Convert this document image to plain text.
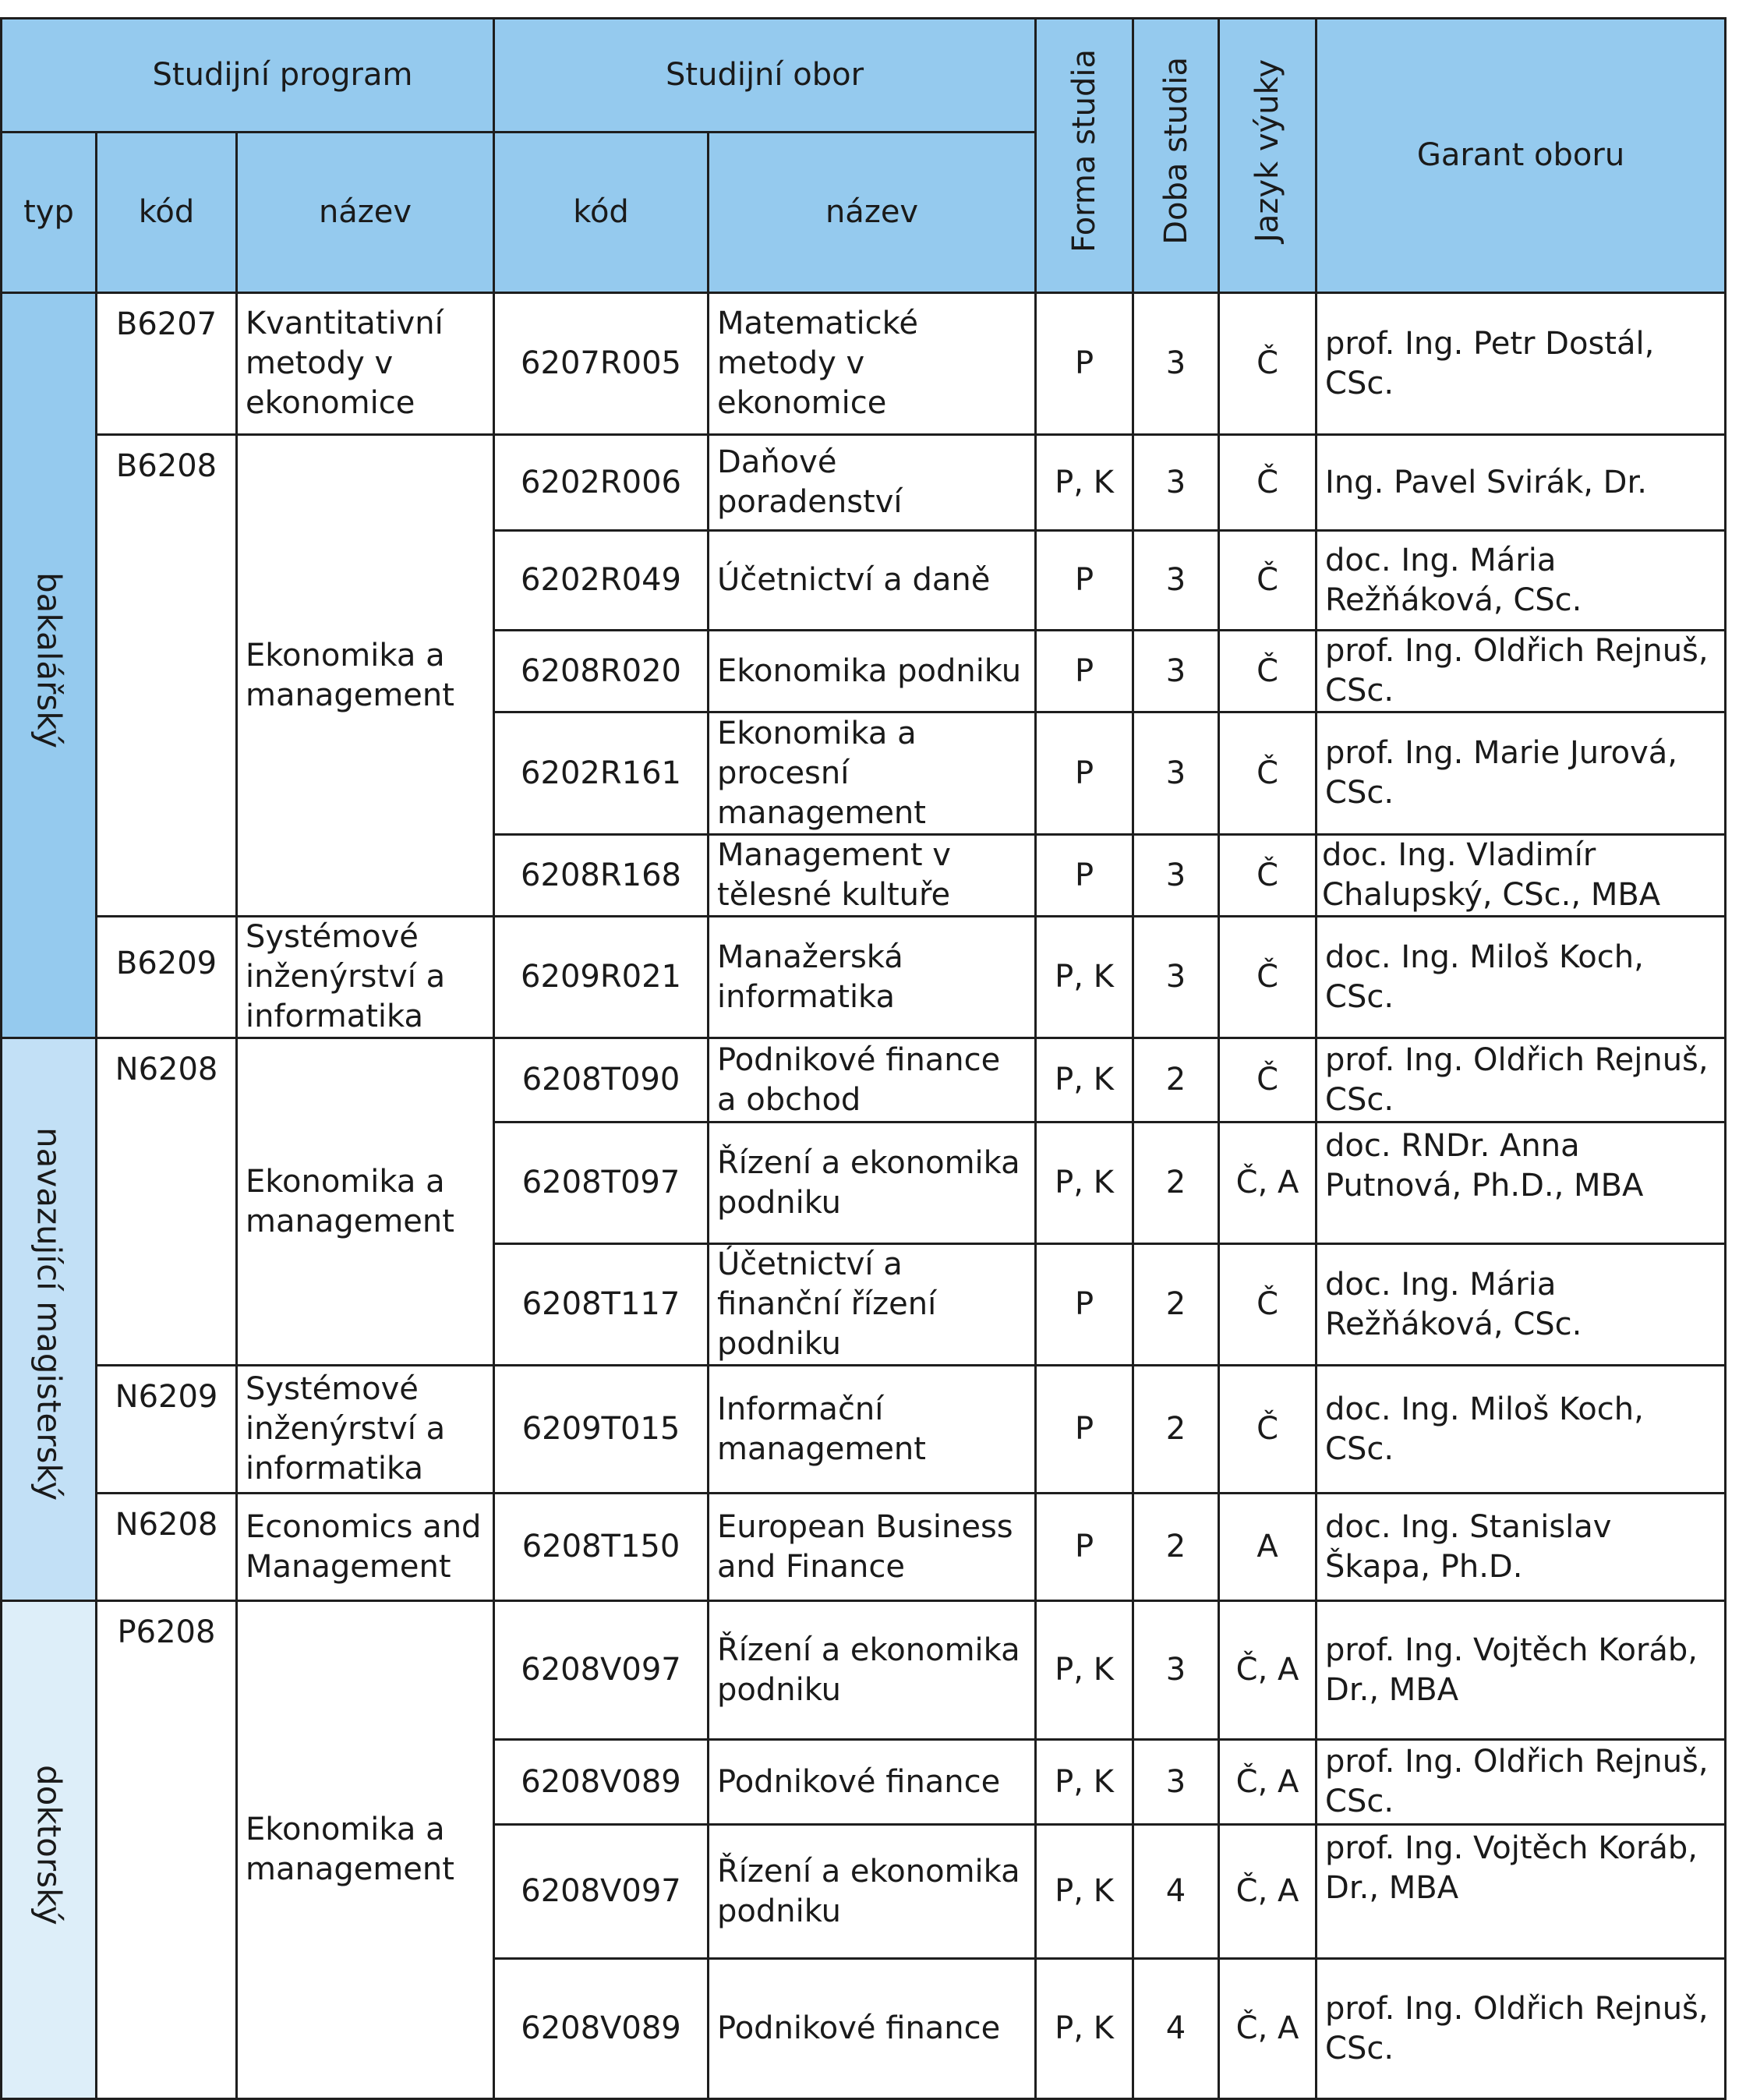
Studijní program			Studijní obor		Forma studia	Doba studia	Jazyk výuky	Garant oboru
typ	kód	název	kód	název				
bakalářský	B6207	Kvantitativní metody v ekonomice	6207R005	Matematické metody v ekonomice	P	3	Č	prof. Ing. Petr Dostál, CSc.
	B6208	Ekonomika a management	6202R006	Daňové poradenství	P, K	3	Č	Ing. Pavel Svirák, Dr.
			6202R049	Účetnictví a daně	P	3	Č	doc. Ing. Mária Režňáková, CSc.
			6208R020	Ekonomika podniku	P	3	Č	prof. Ing. Oldřich Rejnuš, CSc.
			6202R161	Ekonomika a procesní management	P	3	Č	prof. Ing. Marie Jurová, CSc.
			6208R168	Management v tělesné kultuře	P	3	Č	doc. Ing. Vladimír Chalupský, CSc., MBA
	B6209	Systémové inženýrství a informatika	6209R021	Manažerská informatika	P, K	3	Č	doc. Ing. Miloš Koch, CSc.
navazující magisterský	N6208	Ekonomika a management	6208T090	Podnikové finance a obchod	P, K	2	Č	prof. Ing. Oldřich Rejnuš, CSc.
			6208T097	Řízení a ekonomika podniku	P, K	2	Č, A	doc. RNDr. Anna Putnová, Ph.D., MBA
			6208T117	Účetnictví a finanční řízení podniku	P	2	Č	doc. Ing. Mária Režňáková, CSc.
	N6209	Systémové inženýrství a informatika	6209T015	Informační management	P	2	Č	doc. Ing. Miloš Koch, CSc.
	N6208	Economics and Management	6208T150	European Business and Finance	P	2	A	doc. Ing. Stanislav Škapa, Ph.D.
doktorský	P6208	Ekonomika a management	6208V097	Řízení a ekonomika podniku	P, K	3	Č, A	prof. Ing. Vojtěch Koráb, Dr., MBA
			6208V089	Podnikové finance	P, K	3	Č, A	prof. Ing. Oldřich Rejnuš, CSc.
			6208V097	Řízení a ekonomika podniku	P, K	4	Č, A	prof. Ing. Vojtěch Koráb, Dr., MBA
			6208V089	Podnikové finance	P, K	4	Č, A	prof. Ing. Oldřich Rejnuš, CSc.
